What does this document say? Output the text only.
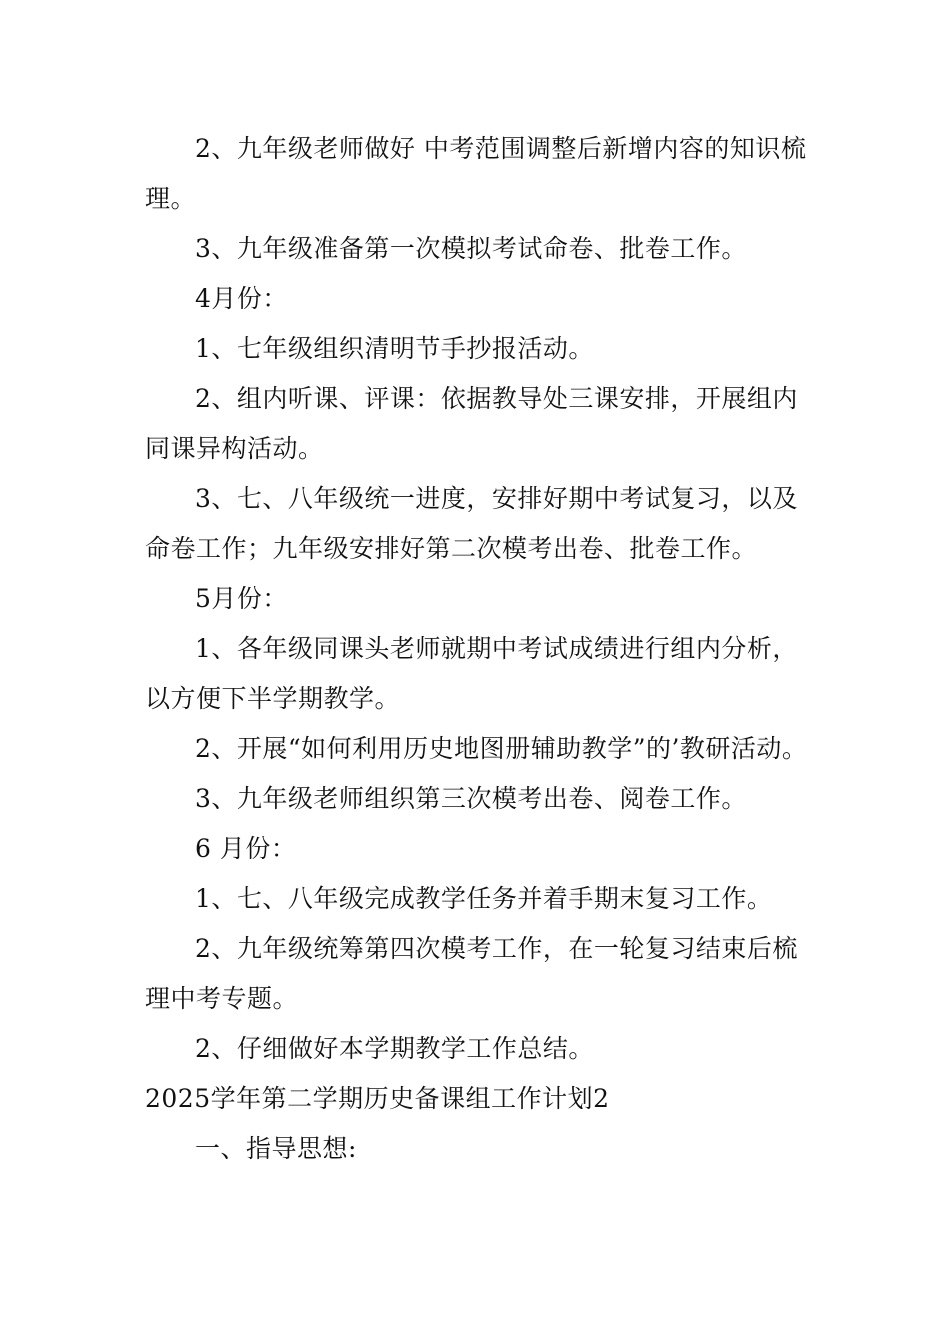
2、九年级老师做好 中考范围调整后新增内容的知识梳理。

3、九年级准备第一次模拟考试命卷、批卷工作。

4月份：

1、七年级组织清明节手抄报活动。

2、组内听课、评课：依据教导处三课安排，开展组内同课异构活动。

3、七、八年级统一进度，安排好期中考试复习，以及命卷工作；九年级安排好第二次模考出卷、批卷工作。

5月份：

1、各年级同课头老师就期中考试成绩进行组内分析，以方便下半学期教学。

2、开展“如何利用历史地图册辅助教学”的’教研活动。

3、九年级老师组织第三次模考出卷、阅卷工作。

6 月份：

1、七、八年级完成教学任务并着手期末复习工作。

2、九年级统筹第四次模考工作，在一轮复习结束后梳理中考专题。

2、仔细做好本学期教学工作总结。

2025学年第二学期历史备课组工作计划2

一、指导思想:
